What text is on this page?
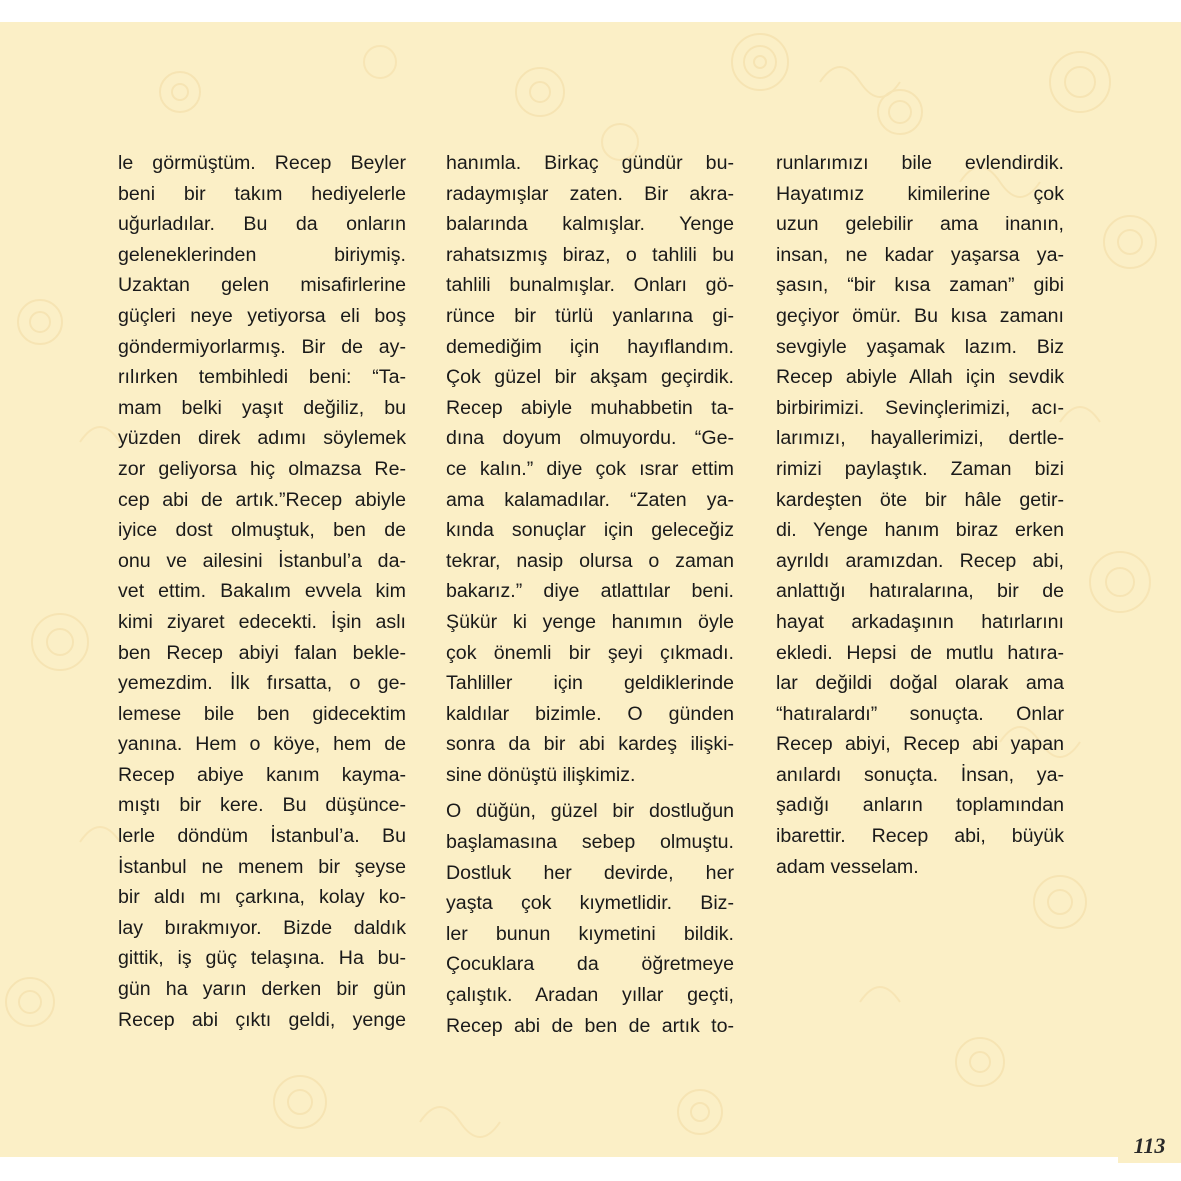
le görmüştüm. Recep Beyler
beni bir takım hediyelerle
uğurladılar. Bu da onların
geleneklerinden biriymiş.
Uzaktan gelen misafirlerine
güçleri neye yetiyorsa eli boş
göndermiyorlarmış. Bir de ay-
rılırken tembihledi beni: “Ta-
mam belki yaşıt değiliz, bu
yüzden direk adımı söylemek
zor geliyorsa hiç olmazsa Re-
cep abi de artık.”Recep abiyle
iyice dost olmuştuk, ben de
onu ve ailesini İstanbul’a da-
vet ettim. Bakalım evvela kim
kimi ziyaret edecekti. İşin aslı
ben Recep abiyi falan bekle-
yemezdim. İlk fırsatta, o ge-
lemese bile ben gidecektim
yanına. Hem o köye, hem de
Recep abiye kanım kayma-
mıştı bir kere. Bu düşünce-
lerle döndüm İstanbul’a. Bu
İstanbul ne menem bir şeyse
bir aldı mı çarkına, kolay ko-
lay bırakmıyor. Bizde daldık
gittik, iş güç telaşına. Ha bu-
gün ha yarın derken bir gün
Recep abi çıktı geldi, yenge
hanımla. Birkaç gündür bu-
radaymışlar zaten. Bir akra-
balarında kalmışlar. Yenge
rahatsızmış biraz, o tahlili bu
tahlili bunalmışlar. Onları gö-
rünce bir türlü yanlarına gi-
demediğim için hayıflandım.
Çok güzel bir akşam geçirdik.
Recep abiyle muhabbetin ta-
dına doyum olmuyordu. “Ge-
ce kalın.” diye çok ısrar ettim
ama kalamadılar. “Zaten ya-
kında sonuçlar için geleceğiz
tekrar, nasip olursa o zaman
bakarız.” diye atlattılar beni.
Şükür ki yenge hanımın öyle
çok önemli bir şeyi çıkmadı.
Tahliller için geldiklerinde
kaldılar bizimle. O günden
sonra da bir abi kardeş ilişki-
sine dönüştü ilişkimiz.
O düğün, güzel bir dostluğun
başlamasına sebep olmuştu.
Dostluk her devirde, her
yaşta çok kıymetlidir. Biz-
ler bunun kıymetini bildik.
Çocuklara da öğretmeye
çalıştık. Aradan yıllar geçti,
Recep abi de ben de artık to-
runlarımızı bile evlendirdik.
Hayatımız kimilerine çok
uzun gelebilir ama inanın,
insan, ne kadar yaşarsa ya-
şasın, “bir kısa zaman” gibi
geçiyor ömür. Bu kısa zamanı
sevgiyle yaşamak lazım. Biz
Recep abiyle Allah için sevdik
birbirimizi. Sevinçlerimizi, acı-
larımızı, hayallerimizi, dertle-
rimizi paylaştık. Zaman bizi
kardeşten öte bir hâle getir-
di. Yenge hanım biraz erken
ayrıldı aramızdan. Recep abi,
anlattığı hatıralarına, bir de
hayat arkadaşının hatırlarını
ekledi. Hepsi de mutlu hatıra-
lar değildi doğal olarak ama
“hatıralardı” sonuçta. Onlar
Recep abiyi, Recep abi yapan
anılardı sonuçta. İnsan, ya-
şadığı anların toplamından
ibarettir. Recep abi, büyük
adam vesselam.
113
